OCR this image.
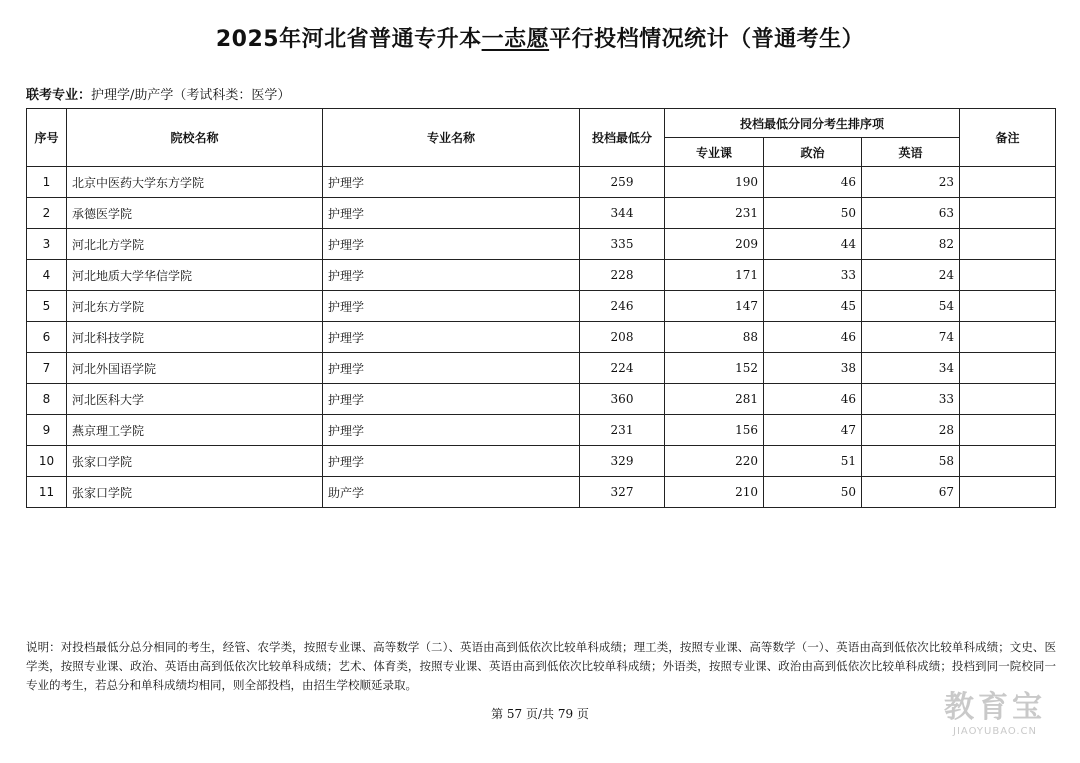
2025年河北省普通专升本一志愿平行投档情况统计（普通考生）
联考专业：护理学/助产学（考试科类：医学）
序号	院校名称	专业名称	投档最低分	投档最低分同分考生排序项			备注
				专业课	政治	英语	
1	北京中医药大学东方学院	护理学	259	190	46	23	
2	承德医学院	护理学	344	231	50	63	
3	河北北方学院	护理学	335	209	44	82	
4	河北地质大学华信学院	护理学	228	171	33	24	
5	河北东方学院	护理学	246	147	45	54	
6	河北科技学院	护理学	208	88	46	74	
7	河北外国语学院	护理学	224	152	38	34	
8	河北医科大学	护理学	360	281	46	33	
9	燕京理工学院	护理学	231	156	47	28	
10	张家口学院	护理学	329	220	51	58	
11	张家口学院	助产学	327	210	50	67	
说明：对投档最低分总分相同的考生，经管、农学类，按照专业课、高等数学（二）、英语由高到低依次比较单科成绩；理工类，按照专业课、高等数学（一）、英语由高到低依次比较单科成绩；文史、医学类，按照专业课、政治、英语由高到低依次比较单科成绩；艺术、体育类，按照专业课、英语由高到低依次比较单科成绩；外语类，按照专业课、政治由高到低依次比较单科成绩；投档到同一院校同一专业的考生，若总分和单科成绩均相同，则全部投档，由招生学校顺延录取。
第 57 页/共 79 页	教育宝
JIAOYUBAO.CN
